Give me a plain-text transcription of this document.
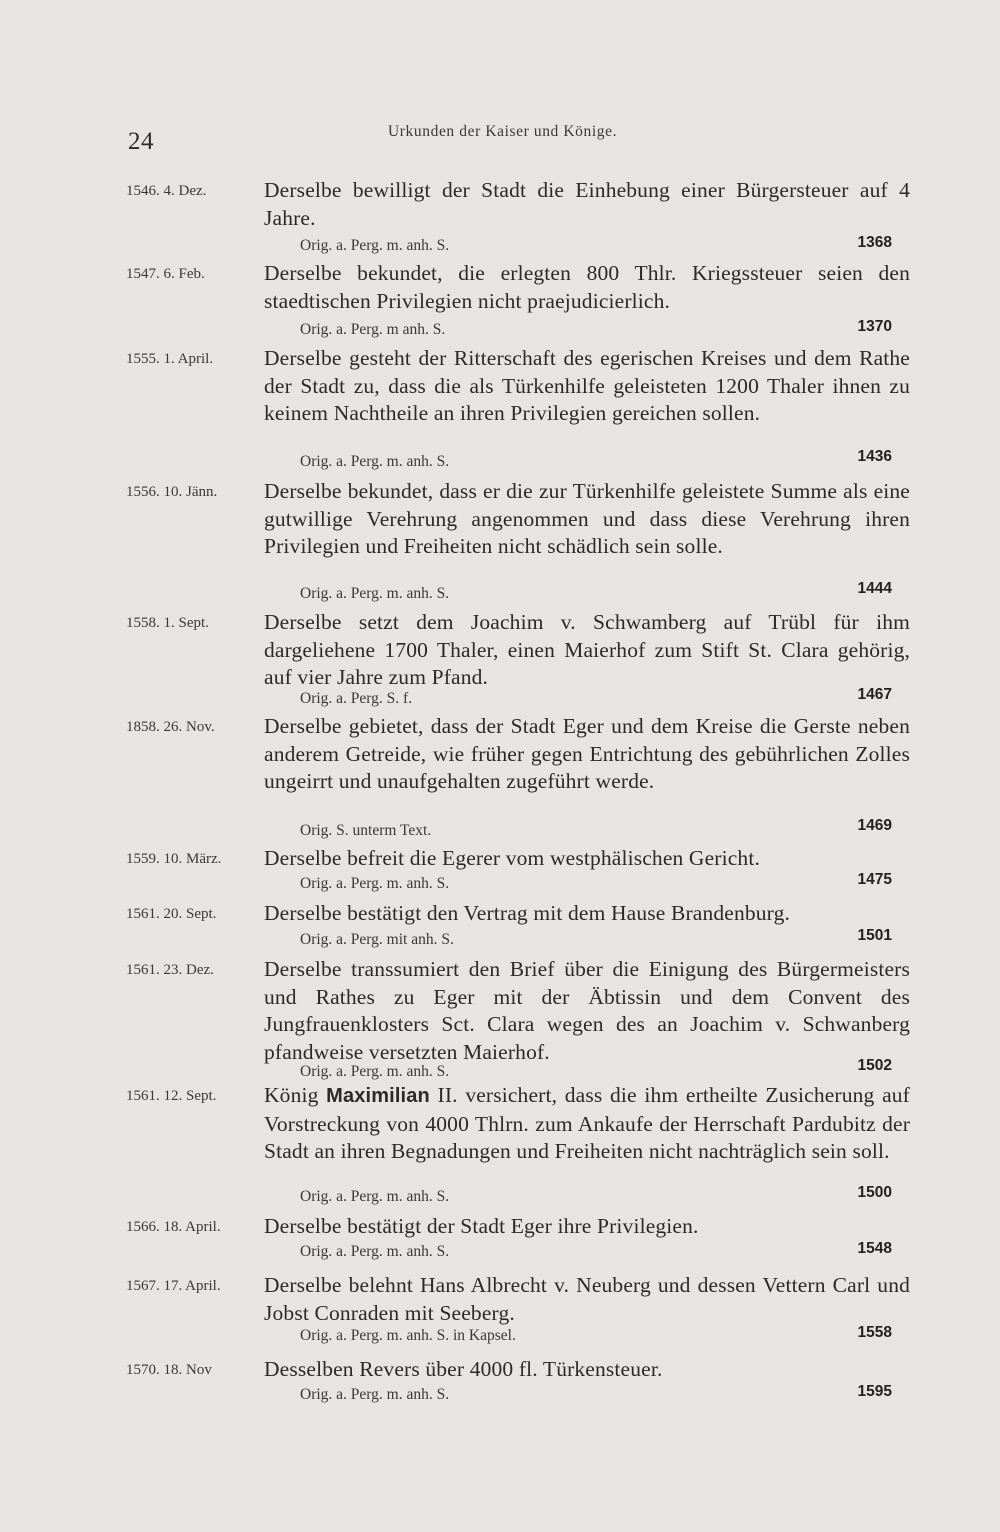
24	Urkunden der Kaiser und Könige.
1546. 4. Dez.	Derselbe bewilligt der Stadt die Einhebung einer Bürgersteuer auf 4 Jahre.
Orig. a. Perg. m. anh. S.	1368
1547. 6. Feb.	Derselbe bekundet, die erlegten 800 Thlr. Kriegssteuer seien den staedtischen Privilegien nicht praejudicierlich.
Orig. a. Perg. m anh. S.	1370
1555. 1. April.	Derselbe gesteht der Ritterschaft des egerischen Kreises und dem Rathe der Stadt zu, dass die als Türkenhilfe geleisteten 1200 Thaler ihnen zu keinem Nachtheile an ihren Privilegien gereichen sollen.
Orig. a. Perg. m. anh. S.	1436
1556. 10. Jänn.	Derselbe bekundet, dass er die zur Türkenhilfe geleistete Summe als eine gutwillige Verehrung angenommen und dass diese Verehrung ihren Privilegien und Freiheiten nicht schädlich sein solle.
Orig. a. Perg. m. anh. S.	1444
1558. 1. Sept.	Derselbe setzt dem Joachim v. Schwamberg auf Trübl für ihm dargeliehene 1700 Thaler, einen Maierhof zum Stift St. Clara gehörig, auf vier Jahre zum Pfand.
Orig. a. Perg. S. f.	1467
1858. 26. Nov.	Derselbe gebietet, dass der Stadt Eger und dem Kreise die Gerste neben anderem Getreide, wie früher gegen Entrichtung des gebührlichen Zolles ungeirrt und unaufgehalten zugeführt werde.
Orig. S. unterm Text.	1469
1559. 10. März.	Derselbe befreit die Egerer vom westphälischen Gericht.
Orig. a. Perg. m. anh. S.	1475
1561. 20. Sept.	Derselbe bestätigt den Vertrag mit dem Hause Brandenburg.
Orig. a. Perg. mit anh. S.	1501
1561. 23. Dez.	Derselbe transsumiert den Brief über die Einigung des Bürgermeisters und Rathes zu Eger mit der Äbtissin und dem Convent des Jungfrauenklosters Sct. Clara wegen des an Joachim v. Schwanberg pfandweise versetzten Maierhof.
Orig. a. Perg. m. anh. S.	1502
1561. 12. Sept.	König Maximilian II. versichert, dass die ihm ertheilte Zusicherung auf Vorstreckung von 4000 Thlrn. zum Ankaufe der Herrschaft Pardubitz der Stadt an ihren Begnadungen und Freiheiten nicht nachträglich sein soll.
Orig. a. Perg. m. anh. S.	1500
1566. 18. April.	Derselbe bestätigt der Stadt Eger ihre Privilegien.
Orig. a. Perg. m. anh. S.	1548
1567. 17. April.	Derselbe belehnt Hans Albrecht v. Neuberg und dessen Vettern Carl und Jobst Conraden mit Seeberg.
Orig. a. Perg. m. anh. S. in Kapsel.	1558
1570. 18. Nov	Desselben Revers über 4000 fl. Türkensteuer.
Orig. a. Perg. m. anh. S.	1595
